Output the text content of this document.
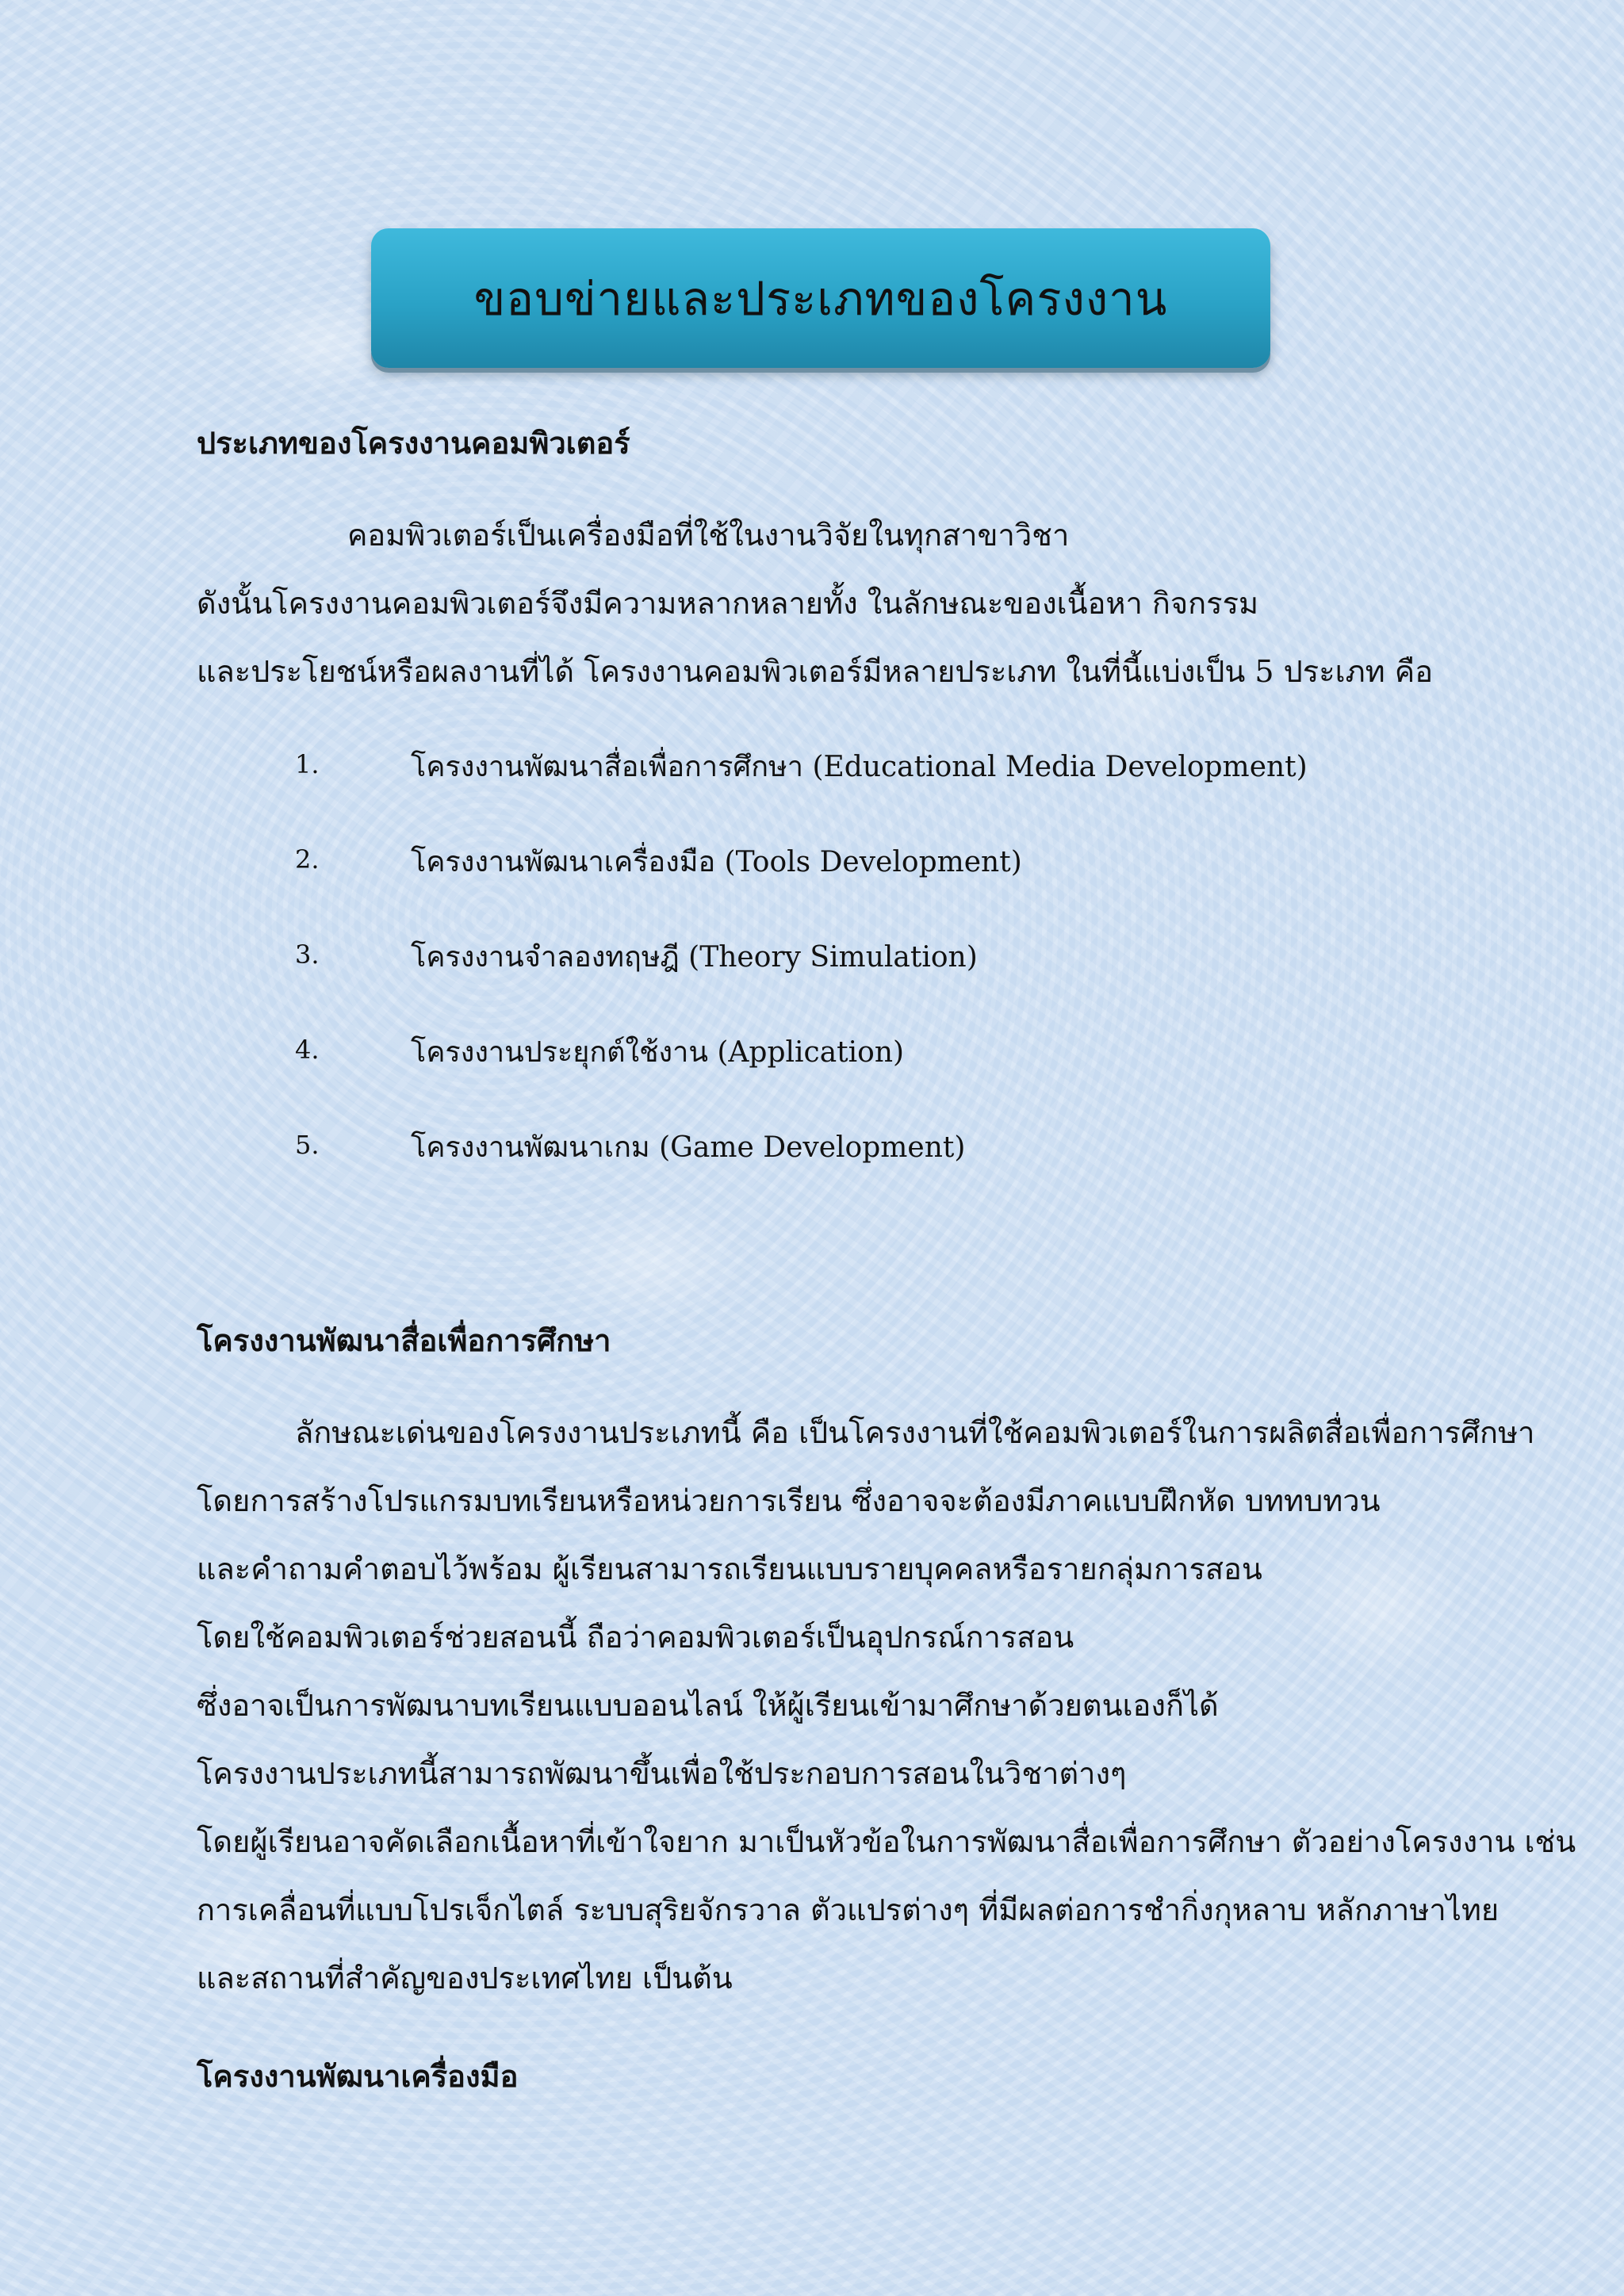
ขอบข่ายและประเภทของโครงงาน

ประเภทของโครงงานคอมพิวเตอร์

คอมพิวเตอร์เป็นเครื่องมือที่ใช้ในงานวิจัยในทุกสาขาวิชา

ดังนั้นโครงงานคอมพิวเตอร์จึงมีความหลากหลายทั้ง ในลักษณะของเนื้อหา กิจกรรม

และประโยชน์หรือผลงานที่ได้ โครงงานคอมพิวเตอร์มีหลายประเภท ในที่นี้แบ่งเป็น 5 ประเภท คือ

1.	โครงงานพัฒนาสื่อเพื่อการศึกษา (Educational Media Development)
2.	โครงงานพัฒนาเครื่องมือ (Tools Development)
3.	โครงงานจำลองทฤษฎี (Theory Simulation)
4.	โครงงานประยุกต์ใช้งาน (Application)
5.	โครงงานพัฒนาเกม (Game Development)

โครงงานพัฒนาสื่อเพื่อการศึกษา

ลักษณะเด่นของโครงงานประเภทนี้ คือ เป็นโครงงานที่ใช้คอมพิวเตอร์ในการผลิตสื่อเพื่อการศึกษา

โดยการสร้างโปรแกรมบทเรียนหรือหน่วยการเรียน ซึ่งอาจจะต้องมีภาคแบบฝึกหัด บททบทวน

และคำถามคำตอบไว้พร้อม ผู้เรียนสามารถเรียนแบบรายบุคคลหรือรายกลุ่มการสอน

โดยใช้คอมพิวเตอร์ช่วยสอนนี้ ถือว่าคอมพิวเตอร์เป็นอุปกรณ์การสอน

ซึ่งอาจเป็นการพัฒนาบทเรียนแบบออนไลน์ ให้ผู้เรียนเข้ามาศึกษาด้วยตนเองก็ได้

โครงงานประเภทนี้สามารถพัฒนาขึ้นเพื่อใช้ประกอบการสอนในวิชาต่างๆ

โดยผู้เรียนอาจคัดเลือกเนื้อหาที่เข้าใจยาก มาเป็นหัวข้อในการพัฒนาสื่อเพื่อการศึกษา ตัวอย่างโครงงาน เช่น

การเคลื่อนที่แบบโปรเจ็กไตล์ ระบบสุริยจักรวาล ตัวแปรต่างๆ ที่มีผลต่อการชำกิ่งกุหลาบ หลักภาษาไทย

และสถานที่สำคัญของประเทศไทย เป็นต้น

โครงงานพัฒนาเครื่องมือ
